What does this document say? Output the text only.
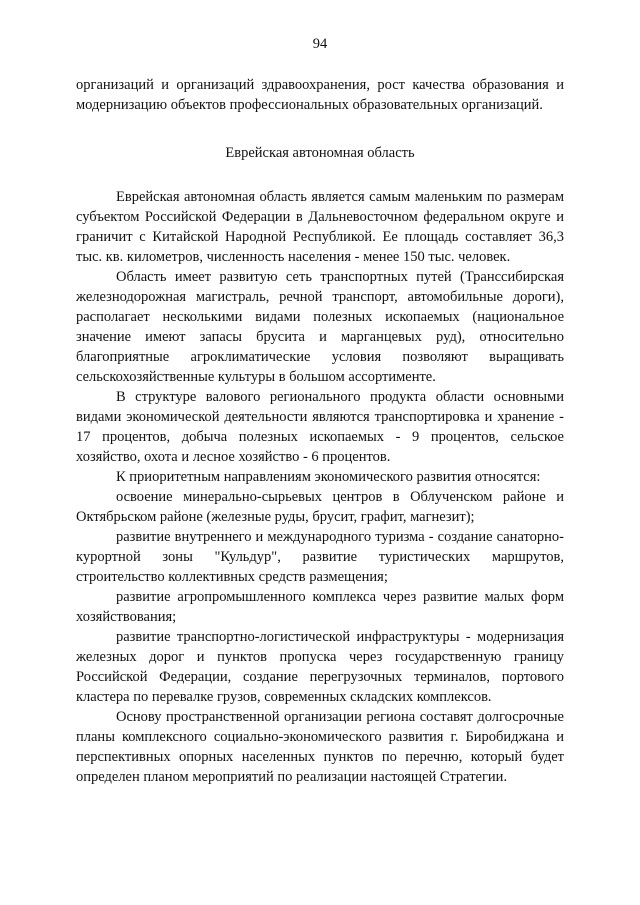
94

организаций и организаций здравоохранения, рост качества образования и модернизацию объектов профессиональных образовательных организаций.

Еврейская автономная область

Еврейская автономная область является самым маленьким по размерам субъектом Российской Федерации в Дальневосточном федеральном округе и граничит с Китайской Народной Республикой. Ее площадь составляет 36,3 тыс. кв. километров, численность населения - менее 150 тыс. человек.

Область имеет развитую сеть транспортных путей (Транссибирская железнодорожная магистраль, речной транспорт, автомобильные дороги), располагает несколькими видами полезных ископаемых (национальное значение имеют запасы брусита и марганцевых руд), относительно благоприятные агроклиматические условия позволяют выращивать сельскохозяйственные культуры в большом ассортименте.

В структуре валового регионального продукта области основными видами экономической деятельности являются транспортировка и хранение - 17 процентов, добыча полезных ископаемых - 9 процентов, сельское хозяйство, охота и лесное хозяйство - 6 процентов.

К приоритетным направлениям экономического развития относятся:

освоение минерально-сырьевых центров в Облученском районе и Октябрьском районе (железные руды, брусит, графит, магнезит);

развитие внутреннего и международного туризма - создание санаторно-курортной зоны "Кульдур", развитие туристических маршрутов, строительство коллективных средств размещения;

развитие агропромышленного комплекса через развитие малых форм хозяйствования;

развитие транспортно-логистической инфраструктуры - модернизация железных дорог и пунктов пропуска через государственную границу Российской Федерации, создание перегрузочных терминалов, портового кластера по перевалке грузов, современных складских комплексов.

Основу пространственной организации региона составят долгосрочные планы комплексного социально-экономического развития г. Биробиджана и перспективных опорных населенных пунктов по перечню, который будет определен планом мероприятий по реализации настоящей Стратегии.
